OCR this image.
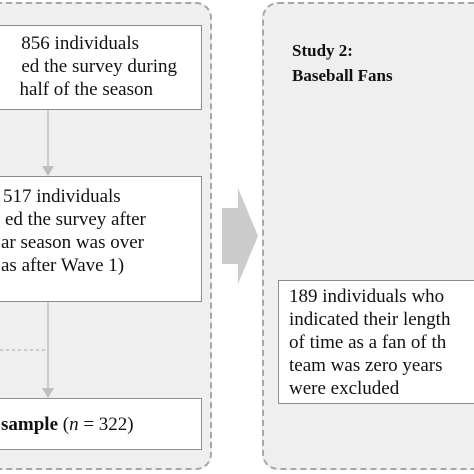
856 individuals
ed the survey during
half of the season
517 individuals
ed the survey after
ar season was over
as after Wave 1)
sample (n = 322)
Study 2:
Baseball Fans
189 individuals who
indicated their length
of time as a fan of th
team was zero years
were excluded
